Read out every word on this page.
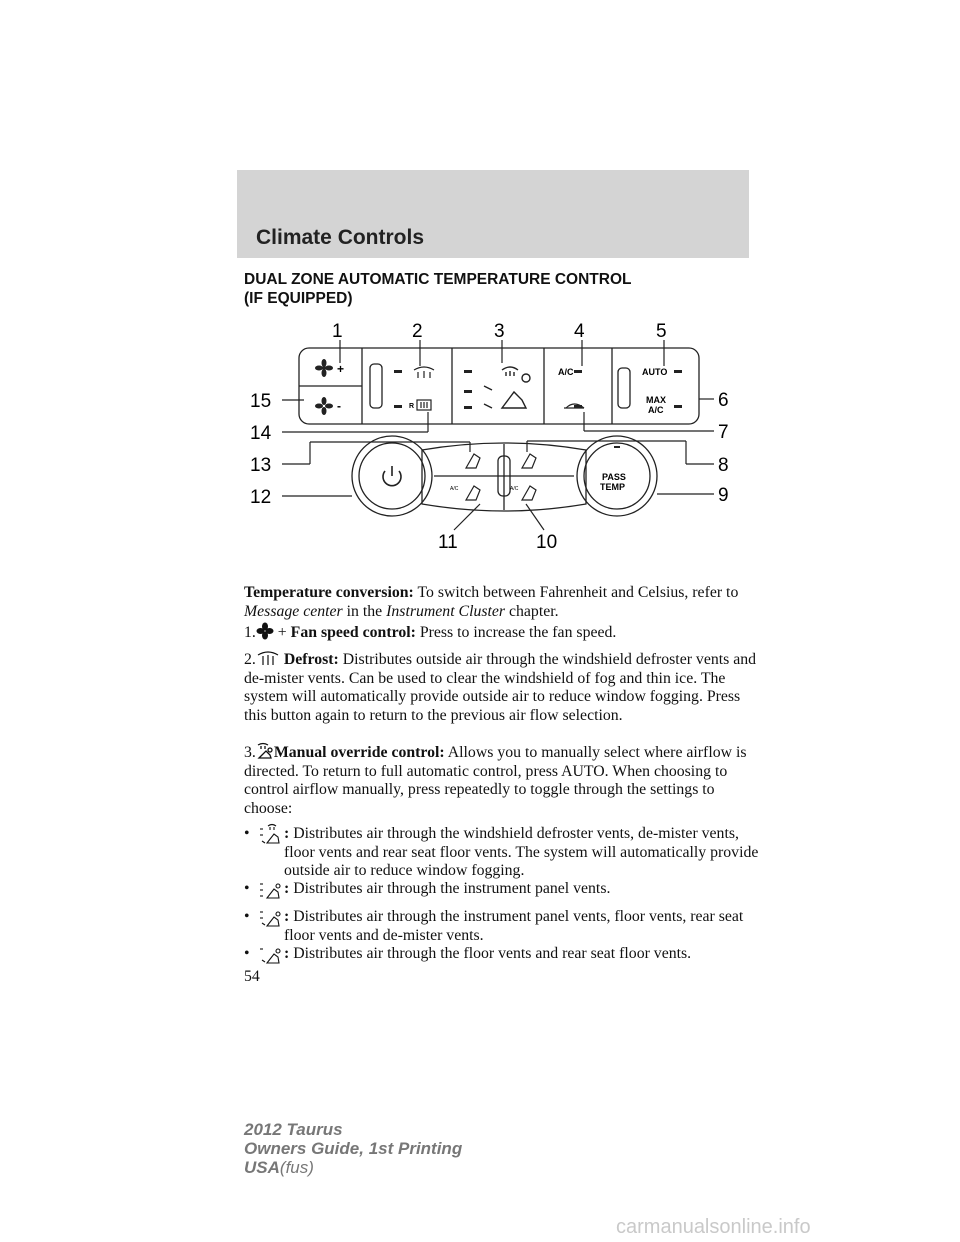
Climate Controls
DUAL ZONE AUTOMATIC TEMPERATURE CONTROL
(IF EQUIPPED)
+
-	R
A/C	AUTO
MAX
A/C
PASS
TEMP
A/C	A/C
1	2	3	4	5
6
7
8
9
10
11
12
13
14
15

Temperature conversion: To switch between Fahrenheit and Celsius, refer to Message center in the Instrument Cluster chapter.

1. + Fan speed control: Press to increase the fan speed.

2. Defrost: Distributes outside air through the windshield defroster vents and de-mister vents. Can be used to clear the windshield of fog and thin ice. The system will automatically provide outside air to reduce window fogging. Press this button again to return to the previous air flow selection.

3. Manual override control: Allows you to manually select where airflow is directed. To return to full automatic control, press AUTO. When choosing to control airflow manually, press repeatedly to toggle through the settings to choose:

• : Distributes air through the windshield defroster vents, de-mister vents, floor vents and rear seat floor vents. The system will automatically provide outside air to reduce window fogging.
• : Distributes air through the instrument panel vents.
• : Distributes air through the instrument panel vents, floor vents, rear seat floor vents and de-mister vents.
• : Distributes air through the floor vents and rear seat floor vents.
54
2012 Taurus
Owners Guide, 1st Printing
USA(fus)
carmanualsonline.info
